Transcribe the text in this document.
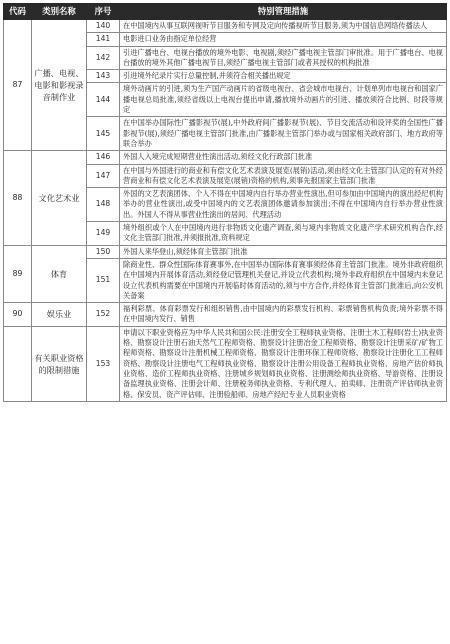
代码	类别名称	序号	特别管理措施
87	广播、电视、电影和影视录音制作业	140	在中国境内从事互联网视听节目服务和专网及定向传播视听节目服务,须为中国信息网络传播法人
		141	电影进口业务由指定单位经营
		142	引进广播电台、电视台播放的境外电影、电视剧,须经广播电视主管部门审批准。用于广播电台、电视台播放的境外其他广播电视节目,须经广播电视主管部门或者其授权的机构批准
		143	引进境外纪录片实行总量控制,并须符合相关播出规定
		144	境外动画片的引进,须为生产国产动画片的省级电视台、省会城市电视台、计划单列市电视台和国家广播电视总局批准,须经省级以上电视台提出申请,播放境外动画片的引进、播放须符合比例、时段等规定
		145	在中国举办国际性广播影视节(展),中外政府间广播影视节(展)、节目交流活动和设评奖的全国性广播影视节(展),须经广播电视主管部门批准,由广播影视主管部门举办或与国家相关政府部门、地方政府等联合举办
88	文化艺术业	146	外国人入境完成短期营业性演出活动,须经文化行政部门批准
		147	在中国与外国进行的商业和有偿文化艺术表演及展览(展销)活动,须由经文化主管部门认定的有对外经营商业和有偿文化艺术表演及展览(展销)资格的机构,须事先报国家主管部门批准
		148	外国的文艺表演团体、个人不得在中国境内自行举办营业性演出,但可参加由中国境内的演出经纪机构举办的营业性演出,或受中国境内的文艺表演团体邀请参加演出;不得在中国境内自行举办营业性演出。外国人不得从事营业性演出的居间、代理活动
		149	境外组织或个人在中国境内进行非物质文化遗产调查,须与境内非物质文化遗产学术研究机构合作,经文化主管部门批准,并须报批准,资料规定
89	体育	150	外国人来华登山,须经体育主管部门批准
		151	除商业性、群众性国际体育赛事外,在中国举办国际体育赛事须经体育主管部门批准。境外非政府组织在中国境内开展体育活动,须经登记管理机关登记,并设立代表机构;境外非政府组织在中国境内未登记设立代表机构需要在中国境内开展临时体育活动的,须与中方合作,并经体育主管部门批准后,向公安机关备案
90	娱乐业	152	福利彩票、体育彩票发行和组织销售,由中国境内的彩票发行机构、彩票销售机构负责;境外彩票不得在中国境内发行、销售
	有关职业资格的限制措施	153	申请以下职业资格应为中华人民共和国公民:注册安全工程师执业资格、注册土木工程师(岩土)执业资格、勘察设计注册石油天然气工程师资格、勘察设计注册冶金工程师资格、勘察设计注册采矿/矿物工程师资格、勘察设计注册机械工程师资格、勘察设计注册环保工程师资格、勘察设计注册化工工程师资格、勘察设计注册电气工程师执业资格、勘察设计注册公用设备工程师执业资格、房地产估价师执业资格、造价工程师执业资格、注册城乡规划师执业资格、注册测绘师执业资格、导游资格、注册设备监理执业资格、注册会计师、注册税务师执业资格、专利代理人、拍卖师、注册资产评估师执业资格、保安员、资产评估师、注册验船师、房地产经纪专业人员职业资格
